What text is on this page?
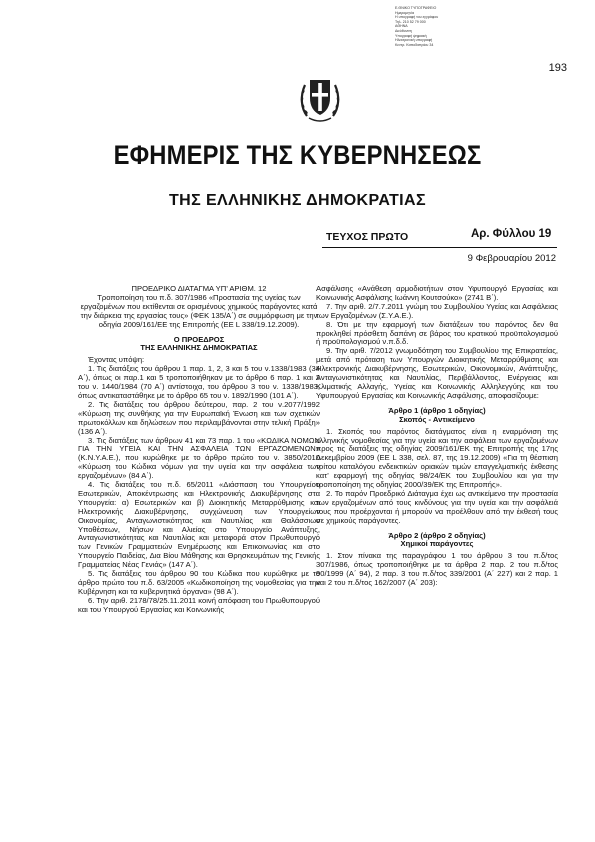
Ε.ΘΝΙΚΟ ΤΥΠΟΓΡΑΦΕΙΟ
Ημερομηνία
Η υπογραφή του εγγράφου
Τηλ. 210 52 79 000
ΑΘΗΝΑ
Διεύθυνση
Υπογραφή ψηφιακή
Ηλεκτρονική υπογραφή
Κεντρ. Καποδιστρίου 34
193
ΕΦΗΜΕΡΙΣ ΤΗΣ ΚΥΒΕΡΝΗΣΕΩΣ
ΤΗΣ ΕΛΛΗΝΙΚΗΣ ΔΗΜΟΚΡΑΤΙΑΣ
ΤΕΥΧΟΣ ΠΡΩΤΟ	Αρ. Φύλλου 19
9 Φεβρουαρίου 2012

ΠΡΟΕΔΡΙΚΟ ΔΙΑΤΑΓΜΑ ΥΠ’ ΑΡΙΘΜ. 12

Τροποποίηση του π.δ. 307/1986 «Προστασία της υγείας των εργαζομένων που εκτίθενται σε ορισμένους χημικούς παράγοντες κατά την διάρκεια της εργασίας τους» (ΦΕΚ 135/Α΄) σε συμμόρφωση με την οδηγία 2009/161/ΕΕ της Επιτροπής (ΕΕ L 338/19.12.2009).

Ο ΠΡΟΕΔΡΟΣ

ΤΗΣ ΕΛΛΗΝΙΚΗΣ ΔΗΜΟΚΡΑΤΙΑΣ

Έχοντας υπόψη:

1. Τις διατάξεις του άρθρου 1 παρ. 1, 2, 3 και 5 του ν.1338/1983 (34 Α΄), όπως οι παρ.1 και 5 τροποποιήθηκαν με το άρθρο 6 παρ. 1 και 2 του ν. 1440/1984 (70 Α΄) αντίστοιχα, του άρθρου 3 του ν. 1338/1983, όπως αντικαταστάθηκε με το άρθρο 65 του ν. 1892/1990 (101 Α΄).

2. Τις διατάξεις του άρθρου δεύτερου, παρ. 2 του ν.2077/1992 «Κύρωση της συνθήκης για την Ευρωπαϊκή Ένωση και των σχετικών πρωτοκόλλων και δηλώσεων που περιλαμβάνονται στην τελική Πράξη» (136 Α΄).

3. Τις διατάξεις των άρθρων 41 και 73 παρ. 1 του «ΚΩΔΙΚΑ ΝΟΜΩΝ ΓΙΑ ΤΗΝ ΥΓΕΙΑ ΚΑΙ ΤΗΝ ΑΣΦΑΛΕΙΑ ΤΩΝ ΕΡΓΑΖΟΜΕΝΩΝ» (Κ.Ν.Υ.Α.Ε.), που κυρώθηκε με το άρθρο πρώτο του ν. 3850/2010 «Κύρωση του Κώδικα νόμων για την υγεία και την ασφάλεια των εργαζομένων» (84 Α΄).

4. Τις διατάξεις του π.δ. 65/2011 «Διάσπαση του Υπουργείου Εσωτερικών, Αποκέντρωσης και Ηλεκτρονικής Διακυβέρνησης στα Υπουργεία: α) Εσωτερικών και β) Διοικητικής Μεταρρύθμισης και Ηλεκτρονικής Διακυβέρνησης, συγχώνευση των Υπουργείων Οικονομίας, Ανταγωνιστικότητας και Ναυτιλίας και Θαλάσσιων Υποθέσεων, Νήσων και Αλιείας στο Υπουργείο Ανάπτυξης, Ανταγωνιστικότητας και Ναυτιλίας και μεταφορά στον Πρωθυπουργό των Γενικών Γραμματειών Ενημέρωσης και Επικοινωνίας και στο Υπουργείο Παιδείας, Δια Βίου Μάθησης και Θρησκευμάτων της Γενικής Γραμματείας Νέας Γενιάς» (147 Α΄).

5. Τις διατάξεις του άρθρου 90 του Κώδικα που κυρώθηκε με το άρθρο πρώτο του π.δ. 63/2005 «Κωδικοποίηση της νομοθεσίας για την Κυβέρνηση και τα κυβερνητικά όργανα» (98 Α΄).

6. Την αριθ. 2178/78/25.11.2011 κοινή απόφαση του Πρωθυπουργού και του Υπουργού Εργασίας και Κοινωνικής

Ασφάλισης «Ανάθεση αρμοδιοτήτων στον Υφυπουργό Εργασίας και Κοινωνικής Ασφάλισης Ιωάννη Κουτσούκο» (2741 Β΄).

7. Την αριθ. 2/7.7.2011 γνώμη του Συμβουλίου Υγείας και Ασφάλειας των Εργαζομένων (Σ.Υ.Α.Ε.).

8. Ότι με την εφαρμογή των διατάξεων του παρόντος δεν θα προκληθεί πρόσθετη δαπάνη σε βάρος του κρατικού προϋπολογισμού ή προϋπολογισμού ν.π.δ.δ.

9. Την αριθ. 7/2012 γνωμοδότηση του Συμβουλίου της Επικρατείας, μετά από πρόταση των Υπουργών Διοικητικής Μεταρρύθμισης και Ηλεκτρονικής Διακυβέρνησης, Εσωτερικών, Οικονομικών, Ανάπτυξης, Ανταγωνιστικότητας και Ναυτιλίας, Περιβάλλοντος, Ενέργειας και Κλιματικής Αλλαγής, Υγείας και Κοινωνικής Αλληλεγγύης και του Υφυπουργού Εργασίας και Κοινωνικής Ασφάλισης, αποφασίζουμε:

Άρθρο 1 (άρθρο 1 οδηγίας)

Σκοπός - Αντικείμενο

1. Σκοπός του παρόντος διατάγματος είναι η εναρμόνιση της ελληνικής νομοθεσίας για την υγεία και την ασφάλεια των εργαζομένων προς τις διατάξεις της οδηγίας 2009/161/ΕΚ της Επιτροπής της 17ης Δεκεμβρίου 2009 (ΕΕ L 338, σελ. 87, της 19.12.2009) «Για τη θέσπιση τρίτου καταλόγου ενδεικτικών οριακών τιμών επαγγελματικής έκθεσης κατ’ εφαρμογή της οδηγίας 98/24/ΕΚ του Συμβουλίου και για την τροποποίηση της οδηγίας 2000/39/ΕΚ της Επιτροπής».

2. Το παρόν Προεδρικό Διάταγμα έχει ως αντικείμενο την προστασία των εργαζομένων από τους κινδύνους για την υγεία και την ασφάλειά τους που προέρχονται ή μπορούν να προέλθουν από την έκθεσή τους σε χημικούς παράγοντες.

Άρθρο 2 (άρθρο 2 οδηγίας)

Χημικοί παράγοντες

1. Στον πίνακα της παραγράφου 1 του άρθρου 3 του π.δ/τος 307/1986, όπως τροποποιήθηκε με τα άρθρα 2 παρ. 2 του π.δ/τος 90/1999 (Α΄ 94), 2 παρ. 3 του π.δ/τος 339/2001 (Α΄ 227) και 2 παρ. 1 και 2 του π.δ/τος 162/2007 (Α΄ 203):
